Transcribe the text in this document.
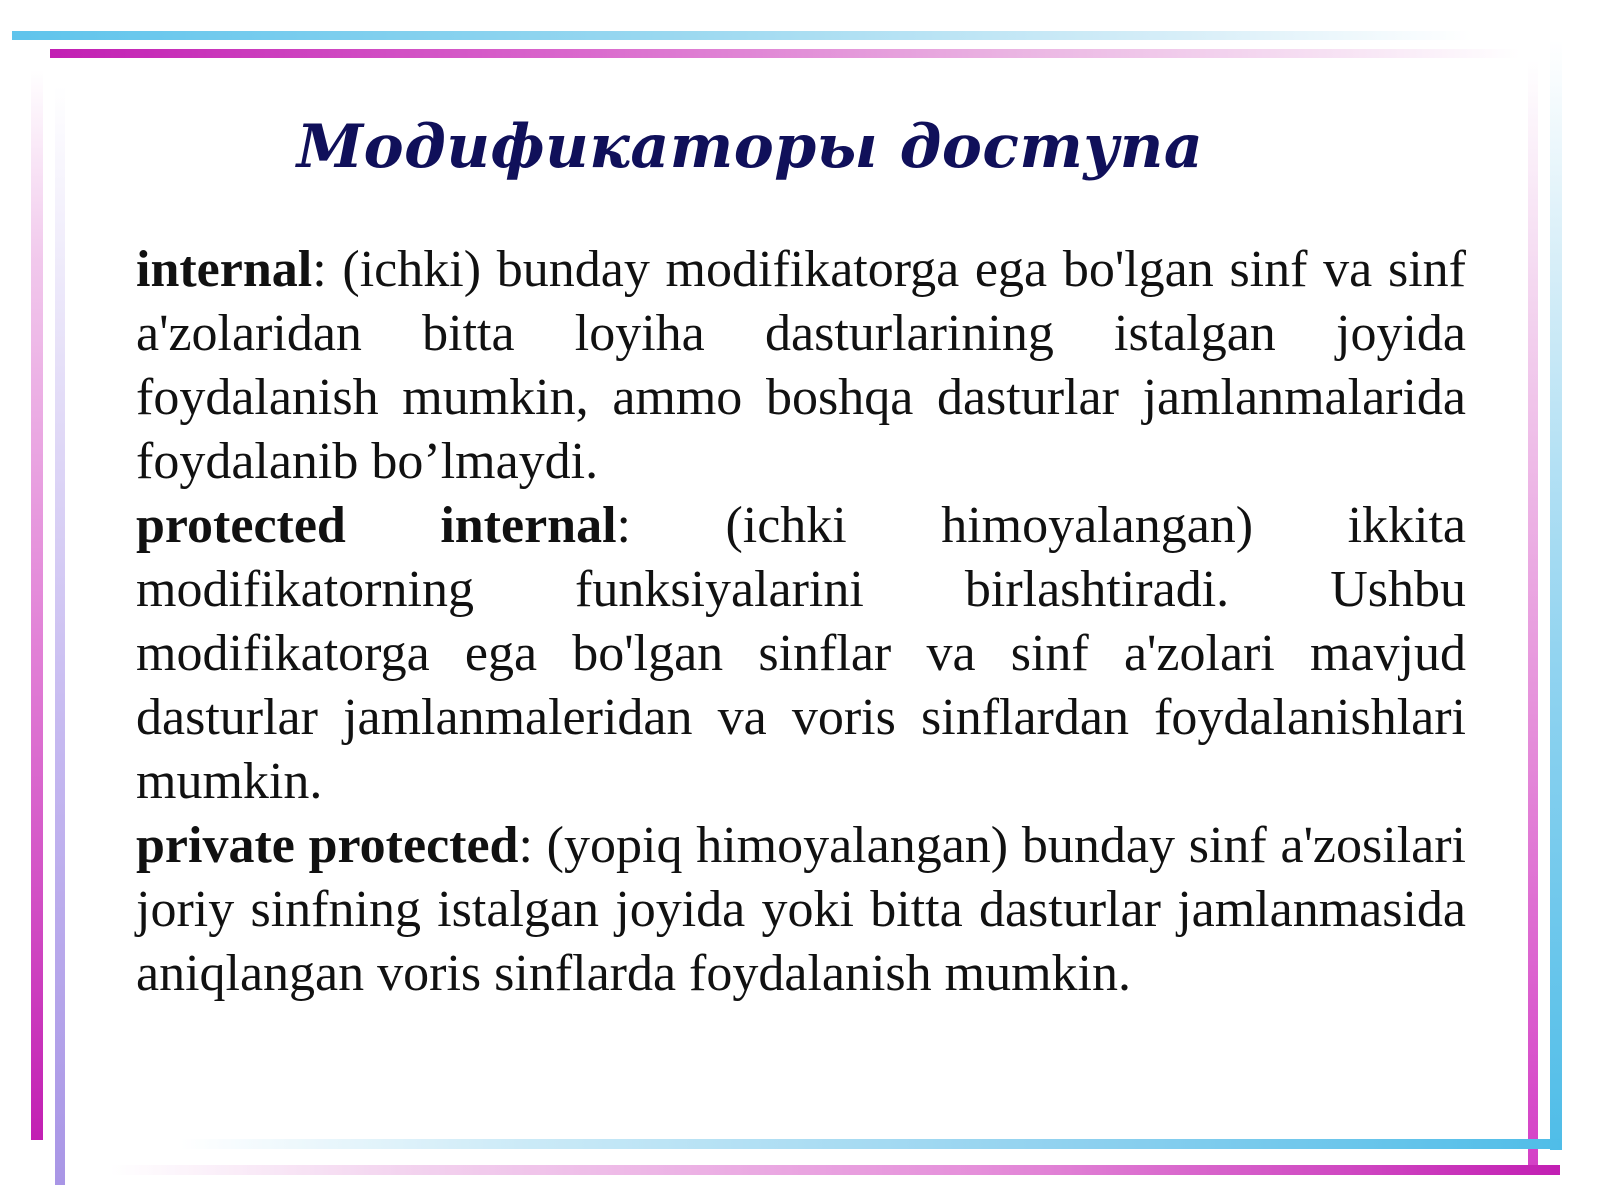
Модификаторы доступа

internal: (ichki) bunday modifikatorga ega bo'lgan sinf va sinf a'zolaridan bitta loyiha dasturlarining istalgan joyida foydalanish mumkin, ammo boshqa dasturlar jamlanmalarida foydalanib bo’lmaydi.

protected internal: (ichki himoyalangan) ikkita modifikatorning funksiyalarini birlashtiradi. Ushbu modifikatorga ega bo'lgan sinflar va sinf a'zolari mavjud dasturlar jamlanmaleridan va voris sinflardan foydalanishlari mumkin.

private protected: (yopiq himoyalangan) bunday sinf a'zosilari joriy sinfning istalgan joyida yoki bitta dasturlar jamlanmasida aniqlangan voris sinflarda foydalanish mumkin.
